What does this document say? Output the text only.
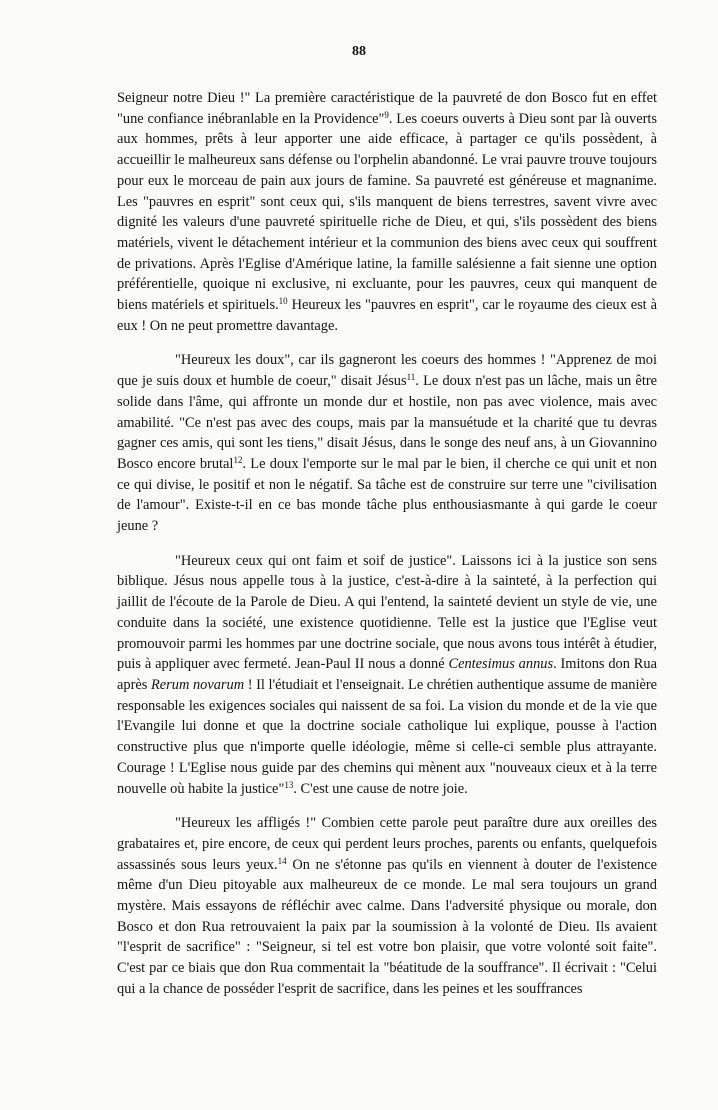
88

Seigneur notre Dieu !" La première caractéristique de la pauvreté de don Bosco fut en effet "une confiance inébranlable en la Providence"$^9$. Les coeurs ouverts à Dieu sont par là ouverts aux hommes, prêts à leur apporter une aide efficace, à partager ce qu'ils possèdent, à accueillir le malheureux sans défense ou l'orphelin abandonné. Le vrai pauvre trouve toujours pour eux le morceau de pain aux jours de famine. Sa pauvreté est généreuse et magnanime. Les "pauvres en esprit" sont ceux qui, s'ils manquent de biens terrestres, savent vivre avec dignité les valeurs d'une pauvreté spirituelle riche de Dieu, et qui, s'ils possèdent des biens matériels, vivent le détachement intérieur et la communion des biens avec ceux qui souffrent de privations. Après l'Eglise d'Amérique latine, la famille salésienne a fait sienne une option préférentielle, quoique ni exclusive, ni excluante, pour les pauvres, ceux qui manquent de biens matériels et spirituels.$^{10}$ Heureux les "pauvres en esprit", car le royaume des cieux est à eux ! On ne peut promettre davantage.

"Heureux les doux", car ils gagneront les coeurs des hommes ! "Apprenez de moi que je suis doux et humble de coeur," disait Jésus$^{11}$. Le doux n'est pas un lâche, mais un être solide dans l'âme, qui affronte un monde dur et hostile, non pas avec violence, mais avec amabilité. "Ce n'est pas avec des coups, mais par la mansuétude et la charité que tu devras gagner ces amis, qui sont les tiens," disait Jésus, dans le songe des neuf ans, à un Giovannino Bosco encore brutal$^{12}$. Le doux l'emporte sur le mal par le bien, il cherche ce qui unit et non ce qui divise, le positif et non le négatif. Sa tâche est de construire sur terre une "civilisation de l'amour". Existe-t-il en ce bas monde tâche plus enthousiasmante à qui garde le coeur jeune ?

"Heureux ceux qui ont faim et soif de justice". Laissons ici à la justice son sens biblique. Jésus nous appelle tous à la justice, c'est-à-dire à la sainteté, à la perfection qui jaillit de l'écoute de la Parole de Dieu. A qui l'entend, la sainteté devient un style de vie, une conduite dans la société, une existence quotidienne. Telle est la justice que l'Eglise veut promouvoir parmi les hommes par une doctrine sociale, que nous avons tous intérêt à étudier, puis à appliquer avec fermeté. Jean-Paul II nous a donné Centesimus annus. Imitons don Rua après Rerum novarum ! Il l'étudiait et l'enseignait. Le chrétien authentique assume de manière responsable les exigences sociales qui naissent de sa foi. La vision du monde et de la vie que l'Evangile lui donne et que la doctrine sociale catholique lui explique, pousse à l'action constructive plus que n'importe quelle idéologie, même si celle-ci semble plus attrayante. Courage ! L'Eglise nous guide par des chemins qui mènent aux "nouveaux cieux et à la terre nouvelle où habite la justice"$^{13}$. C'est une cause de notre joie.

"Heureux les affligés !" Combien cette parole peut paraître dure aux oreilles des grabataires et, pire encore, de ceux qui perdent leurs proches, parents ou enfants, quelquefois assassinés sous leurs yeux.$^{14}$ On ne s'étonne pas qu'ils en viennent à douter de l'existence même d'un Dieu pitoyable aux malheureux de ce monde. Le mal sera toujours un grand mystère. Mais essayons de réfléchir avec calme. Dans l'adversité physique ou morale, don Bosco et don Rua retrouvaient la paix par la soumission à la volonté de Dieu. Ils avaient "l'esprit de sacrifice" : "Seigneur, si tel est votre bon plaisir, que votre volonté soit faite". C'est par ce biais que don Rua commentait la "béatitude de la souffrance". Il écrivait : "Celui qui a la chance de posséder l'esprit de sacrifice, dans les peines et les souffrances
